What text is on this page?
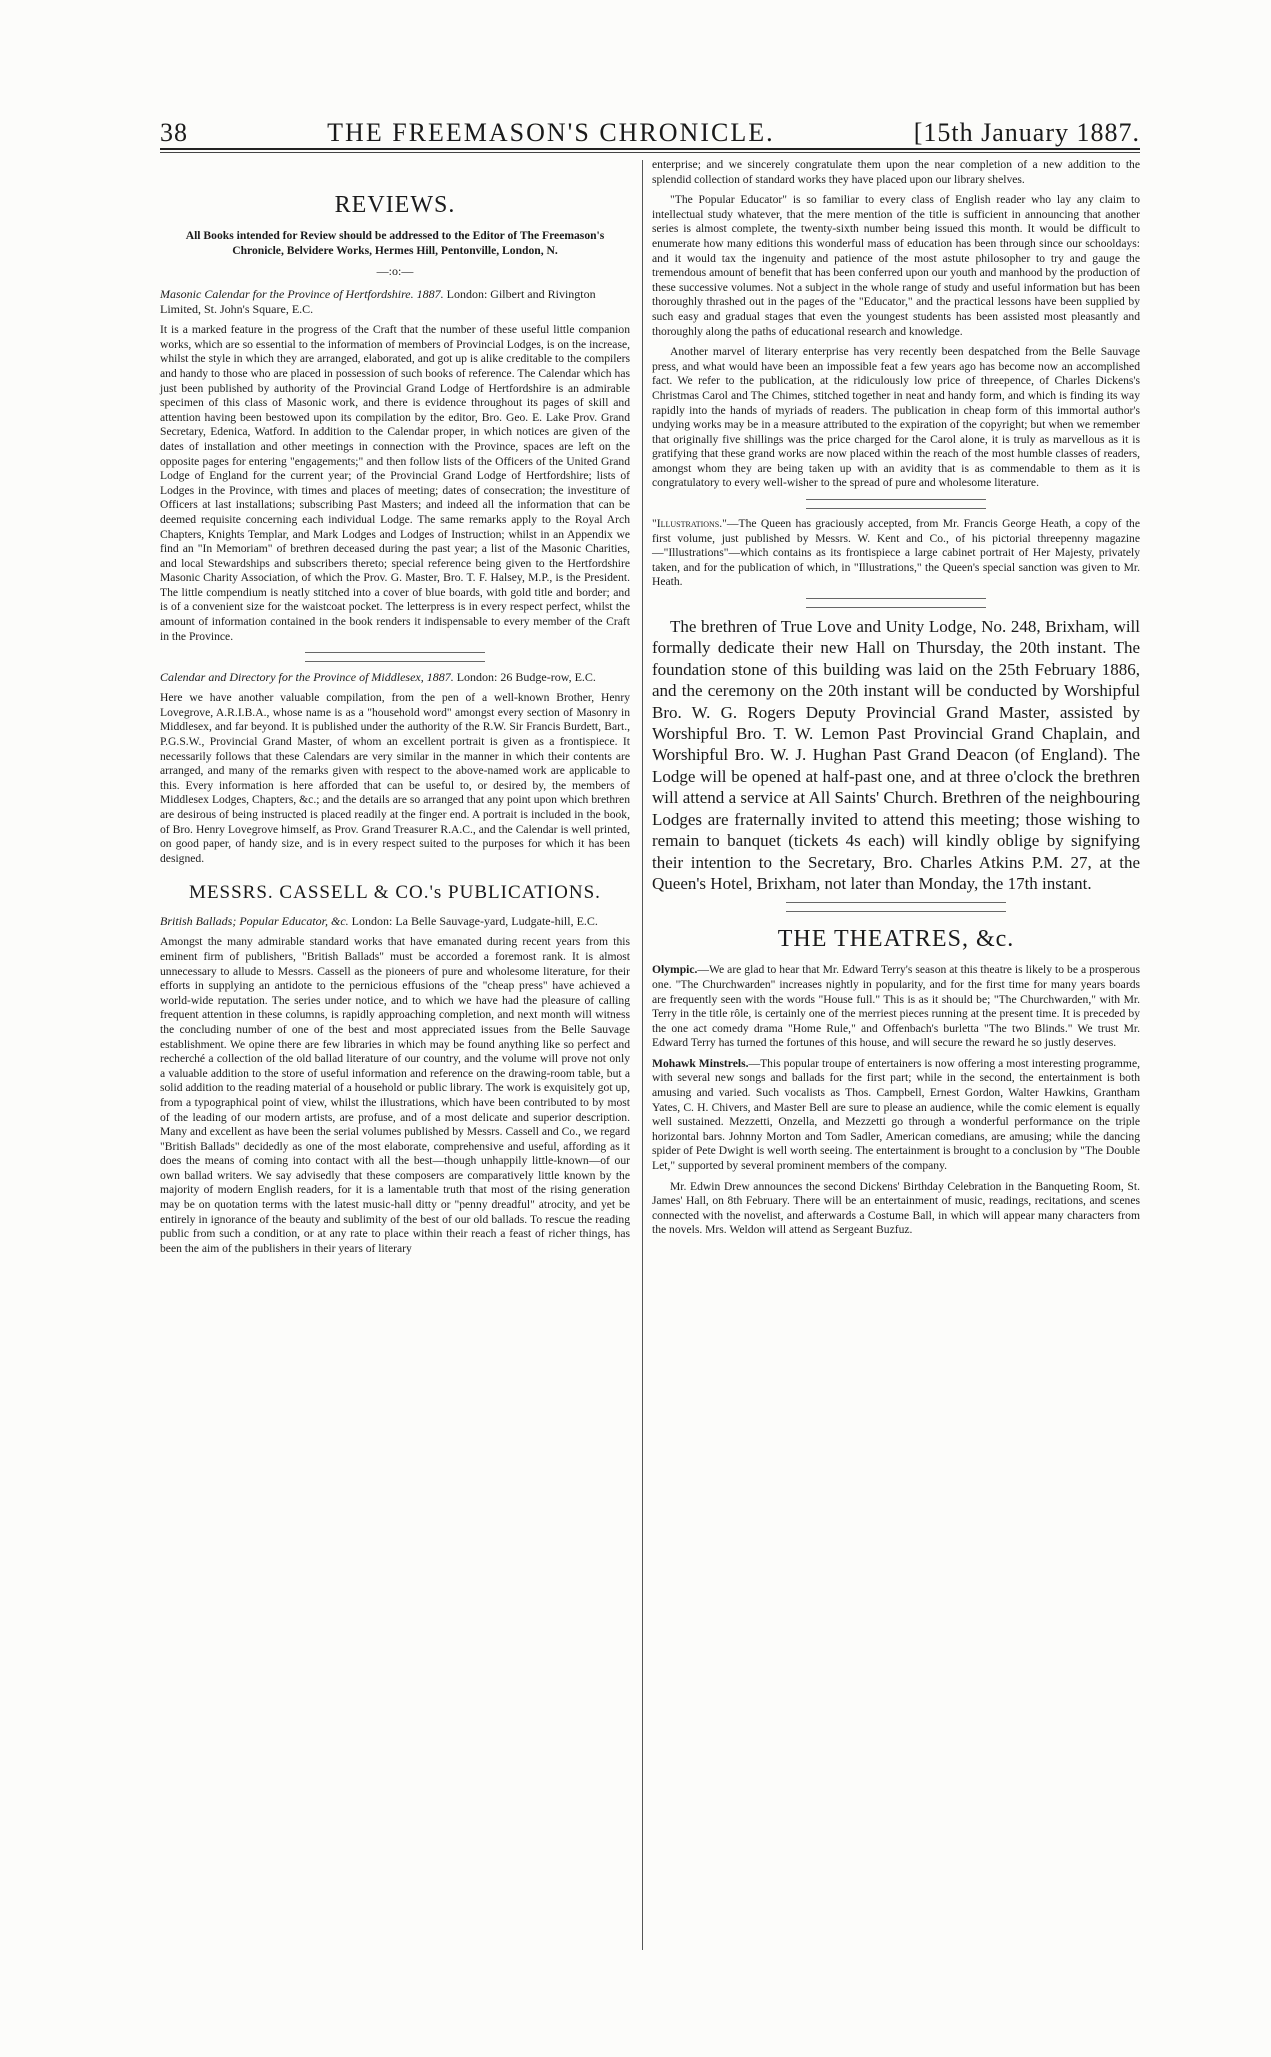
38	THE FREEMASON'S CHRONICLE.	[15th January 1887.
REVIEWS.

All Books intended for Review should be addressed to the Editor of The Freemason's Chronicle, Belvidere Works, Hermes Hill, Pentonville, London, N.

—:o:—
Masonic Calendar for the Province of Hertfordshire. 1887. London: Gilbert and Rivington Limited, St. John's Square, E.C.

It is a marked feature in the progress of the Craft that the number of these useful little companion works, which are so essential to the information of members of Provincial Lodges, is on the increase, whilst the style in which they are arranged, elaborated, and got up is alike creditable to the compilers and handy to those who are placed in possession of such books of reference. The Calendar which has just been published by authority of the Provincial Grand Lodge of Hertfordshire is an admirable specimen of this class of Masonic work, and there is evidence throughout its pages of skill and attention having been bestowed upon its compilation by the editor, Bro. Geo. E. Lake Prov. Grand Secretary, Edenica, Watford. In addition to the Calendar proper, in which notices are given of the dates of installation and other meetings in connection with the Province, spaces are left on the opposite pages for entering "engagements;" and then follow lists of the Officers of the United Grand Lodge of England for the current year; of the Provincial Grand Lodge of Hertfordshire; lists of Lodges in the Province, with times and places of meeting; dates of consecration; the investiture of Officers at last installations; subscribing Past Masters; and indeed all the information that can be deemed requisite concerning each individual Lodge. The same remarks apply to the Royal Arch Chapters, Knights Templar, and Mark Lodges and Lodges of Instruction; whilst in an Appendix we find an "In Memoriam" of brethren deceased during the past year; a list of the Masonic Charities, and local Stewardships and subscribers thereto; special reference being given to the Hertfordshire Masonic Charity Association, of which the Prov. G. Master, Bro. T. F. Halsey, M.P., is the President. The little compendium is neatly stitched into a cover of blue boards, with gold title and border; and is of a convenient size for the waistcoat pocket. The letterpress is in every respect perfect, whilst the amount of information contained in the book renders it indispensable to every member of the Craft in the Province.

Calendar and Directory for the Province of Middlesex, 1887. London: 26 Budge-row, E.C.

Here we have another valuable compilation, from the pen of a well-known Brother, Henry Lovegrove, A.R.I.B.A., whose name is as a "household word" amongst every section of Masonry in Middlesex, and far beyond. It is published under the authority of the R.W. Sir Francis Burdett, Bart., P.G.S.W., Provincial Grand Master, of whom an excellent portrait is given as a frontispiece. It necessarily follows that these Calendars are very similar in the manner in which their contents are arranged, and many of the remarks given with respect to the above-named work are applicable to this. Every information is here afforded that can be useful to, or desired by, the members of Middlesex Lodges, Chapters, &c.; and the details are so arranged that any point upon which brethren are desirous of being instructed is placed readily at the finger end. A portrait is included in the book, of Bro. Henry Lovegrove himself, as Prov. Grand Treasurer R.A.C., and the Calendar is well printed, on good paper, of handy size, and is in every respect suited to the purposes for which it has been designed.

MESSRS. CASSELL & CO.'s PUBLICATIONS.
British Ballads; Popular Educator, &c. London: La Belle Sauvage-yard, Ludgate-hill, E.C.

Amongst the many admirable standard works that have emanated during recent years from this eminent firm of publishers, "British Ballads" must be accorded a foremost rank. It is almost unnecessary to allude to Messrs. Cassell as the pioneers of pure and wholesome literature, for their efforts in supplying an antidote to the pernicious effusions of the "cheap press" have achieved a world-wide reputation. The series under notice, and to which we have had the pleasure of calling frequent attention in these columns, is rapidly approaching completion, and next month will witness the concluding number of one of the best and most appreciated issues from the Belle Sauvage establishment. We opine there are few libraries in which may be found anything like so perfect and recherché a collection of the old ballad literature of our country, and the volume will prove not only a valuable addition to the store of useful information and reference on the drawing-room table, but a solid addition to the reading material of a household or public library. The work is exquisitely got up, from a typographical point of view, whilst the illustrations, which have been contributed to by most of the leading of our modern artists, are profuse, and of a most delicate and superior description. Many and excellent as have been the serial volumes published by Messrs. Cassell and Co., we regard "British Ballads" decidedly as one of the most elaborate, comprehensive and useful, affording as it does the means of coming into contact with all the best—though unhappily little-known—of our own ballad writers. We say advisedly that these composers are comparatively little known by the majority of modern English readers, for it is a lamentable truth that most of the rising generation may be on quotation terms with the latest music-hall ditty or "penny dreadful" atrocity, and yet be entirely in ignorance of the beauty and sublimity of the best of our old ballads. To rescue the reading public from such a condition, or at any rate to place within their reach a feast of richer things, has been the aim of the publishers in their years of literary

enterprise; and we sincerely congratulate them upon the near completion of a new addition to the splendid collection of standard works they have placed upon our library shelves.

"The Popular Educator" is so familiar to every class of English reader who lay any claim to intellectual study whatever, that the mere mention of the title is sufficient in announcing that another series is almost complete, the twenty-sixth number being issued this month. It would be difficult to enumerate how many editions this wonderful mass of education has been through since our schooldays: and it would tax the ingenuity and patience of the most astute philosopher to try and gauge the tremendous amount of benefit that has been conferred upon our youth and manhood by the production of these successive volumes. Not a subject in the whole range of study and useful information but has been thoroughly thrashed out in the pages of the "Educator," and the practical lessons have been supplied by such easy and gradual stages that even the youngest students has been assisted most pleasantly and thoroughly along the paths of educational research and knowledge.

Another marvel of literary enterprise has very recently been despatched from the Belle Sauvage press, and what would have been an impossible feat a few years ago has become now an accomplished fact. We refer to the publication, at the ridiculously low price of threepence, of Charles Dickens's Christmas Carol and The Chimes, stitched together in neat and handy form, and which is finding its way rapidly into the hands of myriads of readers. The publication in cheap form of this immortal author's undying works may be in a measure attributed to the expiration of the copyright; but when we remember that originally five shillings was the price charged for the Carol alone, it is truly as marvellous as it is gratifying that these grand works are now placed within the reach of the most humble classes of readers, amongst whom they are being taken up with an avidity that is as commendable to them as it is congratulatory to every well-wisher to the spread of pure and wholesome literature.

"Illustrations."—The Queen has graciously accepted, from Mr. Francis George Heath, a copy of the first volume, just published by Messrs. W. Kent and Co., of his pictorial threepenny magazine—"Illustrations"—which contains as its frontispiece a large cabinet portrait of Her Majesty, privately taken, and for the publication of which, in "Illustrations," the Queen's special sanction was given to Mr. Heath.

The brethren of True Love and Unity Lodge, No. 248, Brixham, will formally dedicate their new Hall on Thursday, the 20th instant. The foundation stone of this building was laid on the 25th February 1886, and the ceremony on the 20th instant will be conducted by Worshipful Bro. W. G. Rogers Deputy Provincial Grand Master, assisted by Worshipful Bro. T. W. Lemon Past Provincial Grand Chaplain, and Worshipful Bro. W. J. Hughan Past Grand Deacon (of England). The Lodge will be opened at half-past one, and at three o'clock the brethren will attend a service at All Saints' Church. Brethren of the neighbouring Lodges are fraternally invited to attend this meeting; those wishing to remain to banquet (tickets 4s each) will kindly oblige by signifying their intention to the Secretary, Bro. Charles Atkins P.M. 27, at the Queen's Hotel, Brixham, not later than Monday, the 17th instant.

THE THEATRES, &c.

Olympic.—We are glad to hear that Mr. Edward Terry's season at this theatre is likely to be a prosperous one. "The Churchwarden" increases nightly in popularity, and for the first time for many years boards are frequently seen with the words "House full." This is as it should be; "The Churchwarden," with Mr. Terry in the title rôle, is certainly one of the merriest pieces running at the present time. It is preceded by the one act comedy drama "Home Rule," and Offenbach's burletta "The two Blinds." We trust Mr. Edward Terry has turned the fortunes of this house, and will secure the reward he so justly deserves.

Mohawk Minstrels.—This popular troupe of entertainers is now offering a most interesting programme, with several new songs and ballads for the first part; while in the second, the entertainment is both amusing and varied. Such vocalists as Thos. Campbell, Ernest Gordon, Walter Hawkins, Grantham Yates, C. H. Chivers, and Master Bell are sure to please an audience, while the comic element is equally well sustained. Mezzetti, Onzella, and Mezzetti go through a wonderful performance on the triple horizontal bars. Johnny Morton and Tom Sadler, American comedians, are amusing; while the dancing spider of Pete Dwight is well worth seeing. The entertainment is brought to a conclusion by "The Double Let," supported by several prominent members of the company.

Mr. Edwin Drew announces the second Dickens' Birthday Celebration in the Banqueting Room, St. James' Hall, on 8th February. There will be an entertainment of music, readings, recitations, and scenes connected with the novelist, and afterwards a Costume Ball, in which will appear many characters from the novels. Mrs. Weldon will attend as Sergeant Buzfuz.
